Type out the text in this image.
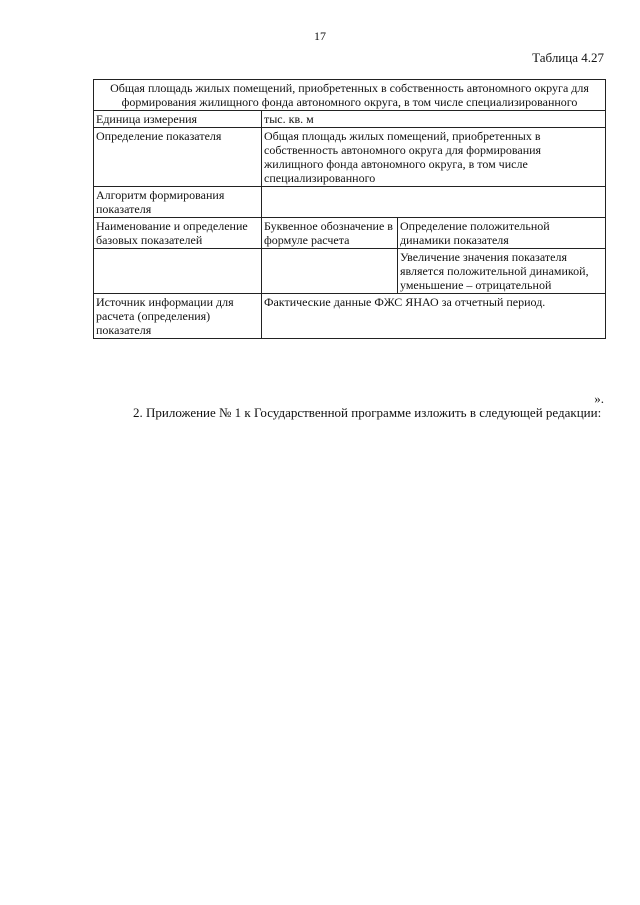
17
Таблица 4.27
Общая площадь жилых помещений, приобретенных в собственность автономного округа для формирования жилищного фонда автономного округа, в том числе специализированного		
Единица измерения	тыс. кв. м	
Определение показателя	Общая площадь жилых помещений, приобретенных в собственность автономного округа для формирования жилищного фонда автономного округа, в том числе специализированного	
Алгоритм формирования показателя		
Наименование и определение базовых показателей	Буквенное обозначение в формуле расчета	Определение положительной динамики показателя
		Увеличение значения показателя является положительной динамикой, уменьшение – отрицательной
Источник информации для расчета (определения) показателя	Фактические данные ФЖС ЯНАО за отчетный период.	
».

2. Приложение № 1 к Государственной программе изложить в следующей редакции:
